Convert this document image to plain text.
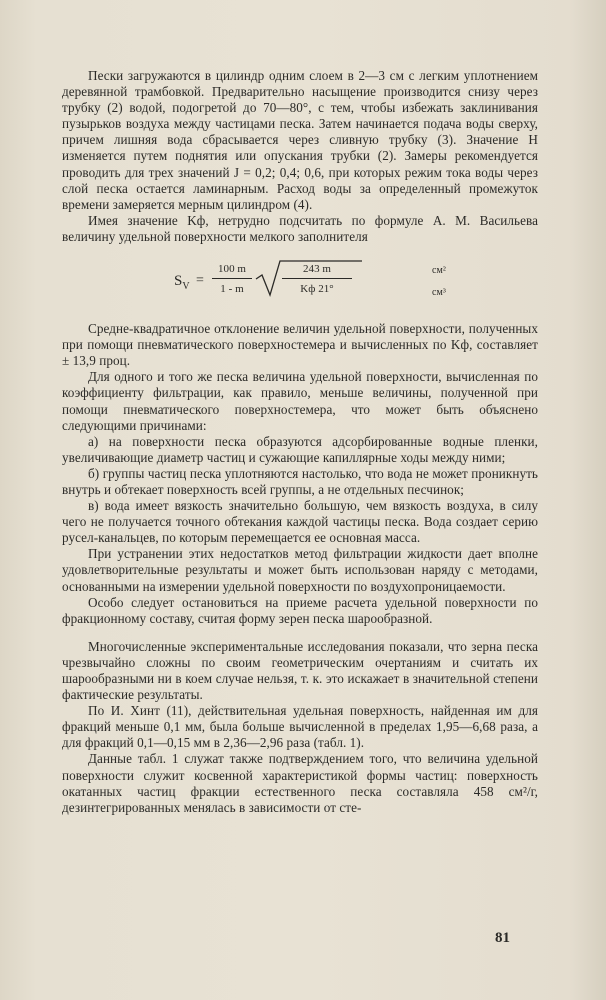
Пески загружаются в цилиндр одним слоем в 2—3 см с легким уплотнением деревянной трамбовкой. Предварительно насыщение производится снизу через трубку (2) водой, подогретой до 70—80°, с тем, чтобы избежать заклинивания пузырьков воздуха между частицами песка. Затем начинается подача воды сверху, причем лишняя вода сбрасывается через сливную трубку (3). Значение H изменяется путем поднятия или опускания трубки (2). Замеры рекомендуется проводить для трех значений J = 0,2; 0,4; 0,6, при которых режим тока воды через слой песка остается ламинарным. Расход воды за определенный промежуток времени замеряется мерным цилиндром (4).

Имея значение Kф, нетрудно подсчитать по формуле А. М. Васильева величину удельной поверхности мелкого заполнителя

$S_V = \frac{100 m}{1 - m}$	243 m
Kф 21°
см²
см³

Средне-квадратичное отклонение величин удельной поверхности, полученных при помощи пневматического поверхностемера и вычисленных по Kф, составляет ± 13,9 проц.

Для одного и того же песка величина удельной поверхности, вычисленная по коэффициенту фильтрации, как правило, меньше величины, полученной при помощи пневматического поверхностемера, что может быть объяснено следующими причинами:

а) на поверхности песка образуются адсорбированные водные пленки, увеличивающие диаметр частиц и сужающие капиллярные ходы между ними;

б) группы частиц песка уплотняются настолько, что вода не может проникнуть внутрь и обтекает поверхность всей группы, а не отдельных песчинок;

в) вода имеет вязкость значительно большую, чем вязкость воздуха, в силу чего не получается точного обтекания каждой частицы песка. Вода создает серию русел-канальцев, по которым перемещается ее основная масса.

При устранении этих недостатков метод фильтрации жидкости дает вполне удовлетворительные результаты и может быть использован наряду с методами, основанными на измерении удельной поверхности по воздухопроницаемости.

Особо следует остановиться на приеме расчета удельной поверхности по фракционному составу, считая форму зерен песка шарообразной.

Многочисленные экспериментальные исследования показали, что зерна песка чрезвычайно сложны по своим геометрическим очертаниям и считать их шарообразными ни в коем случае нельзя, т. к. это искажает в значительной степени фактические результаты.

По И. Хинт (11), действительная удельная поверхность, найденная им для фракций меньше 0,1 мм, была больше вычисленной в пределах 1,95—6,68 раза, а для фракций 0,1—0,15 мм в 2,36—2,96 раза (табл. 1).

Данные табл. 1 служат также подтверждением того, что величина удельной поверхности служит косвенной характеристикой формы частиц: поверхность окатанных частиц фракции естественного песка составляла 458 см²/г, дезинтегрированных менялась в зависимости от сте-

81
